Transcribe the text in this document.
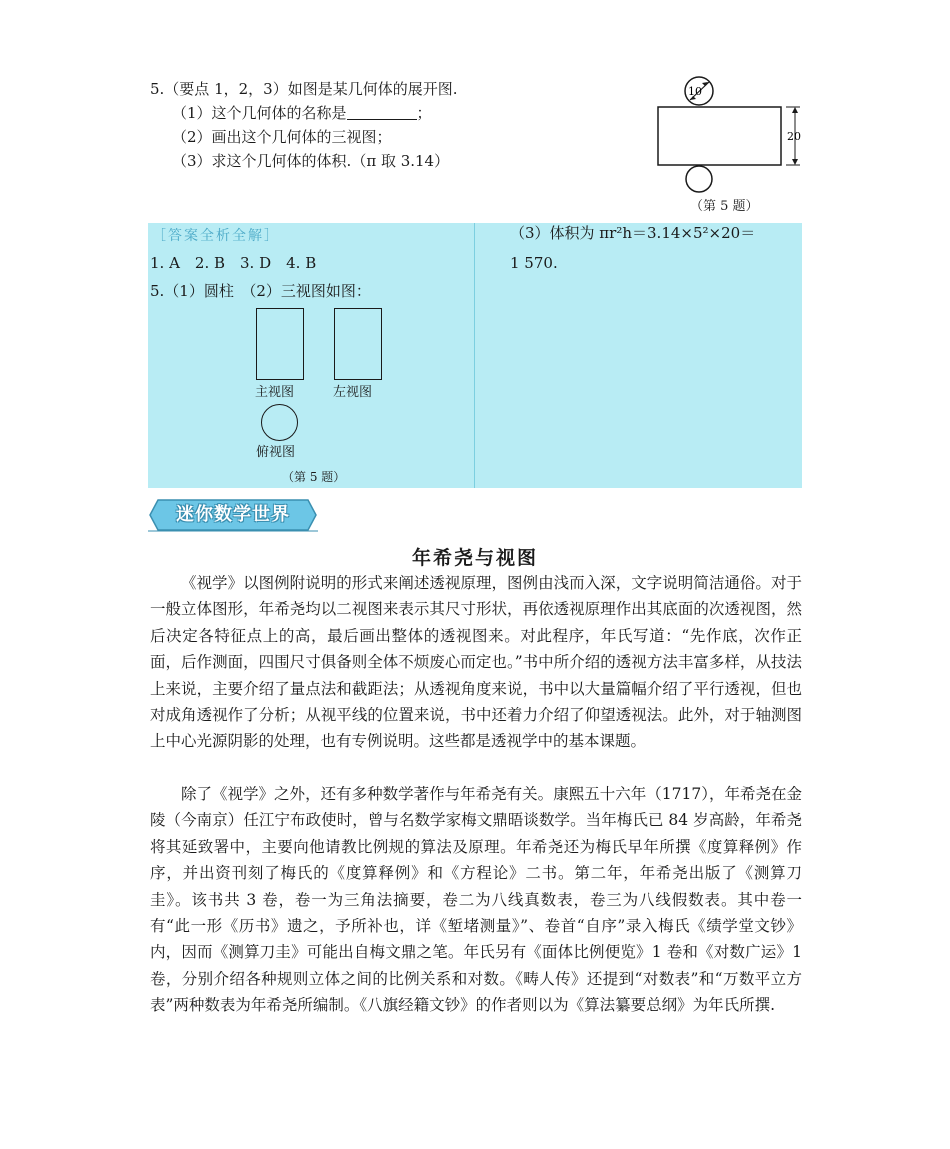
5.（要点 1，2，3）如图是某几何体的展开图.
（1）这个几何体的名称是	；
（2）画出这个几何体的三视图；
（3）求这个几何体的体积.（π 取 3.14）
10
20
（第 5 题）
［答案全析全解］
1. A　2. B　3. D　4. B
5.（1）圆柱　（2）三视图如图：
主视图	左视图
俯视图
（第 5 题）
（3）体积为 πr²h＝3.14×5²×20＝
1 570.
迷你数学世界
年希尧与视图

《视学》以图例附说明的形式来阐述透视原理，图例由浅而入深，文字说明简洁通俗。对于一般立体图形，年希尧均以二视图来表示其尺寸形状，再依透视原理作出其底面的次透视图，然后决定各特征点上的高，最后画出整体的透视图来。对此程序，年氏写道：“先作底，次作正面，后作测面，四围尺寸俱备则全体不烦废心而定也。”书中所介绍的透视方法丰富多样，从技法上来说，主要介绍了量点法和截距法；从透视角度来说，书中以大量篇幅介绍了平行透视，但也对成角透视作了分析；从视平线的位置来说，书中还着力介绍了仰望透视法。此外，对于轴测图上中心光源阴影的处理，也有专例说明。这些都是透视学中的基本课题。

除了《视学》之外，还有多种数学著作与年希尧有关。康熙五十六年（1717），年希尧在金陵（今南京）任江宁布政使时，曾与名数学家梅文鼎晤谈数学。当年梅氏已 84 岁高龄，年希尧将其延致署中，主要向他请教比例规的算法及原理。年希尧还为梅氏早年所撰《度算释例》作序，并出资刊刻了梅氏的《度算释例》和《方程论》二书。第二年，年希尧出版了《测算刀圭》。该书共 3 卷，卷一为三角法摘要，卷二为八线真数表，卷三为八线假数表。其中卷一有“此一形《历书》遗之，予所补也，详《堑堵测量》”、卷首“自序”录入梅氏《绩学堂文钞》内，因而《测算刀圭》可能出自梅文鼎之笔。年氏另有《面体比例便览》1 卷和《对数广运》1 卷，分别介绍各种规则立体之间的比例关系和对数。《畴人传》还提到“对数表”和“万数平立方表”两种数表为年希尧所编制。《八旗经籍文钞》的作者则以为《算法纂要总纲》为年氏所撰.
